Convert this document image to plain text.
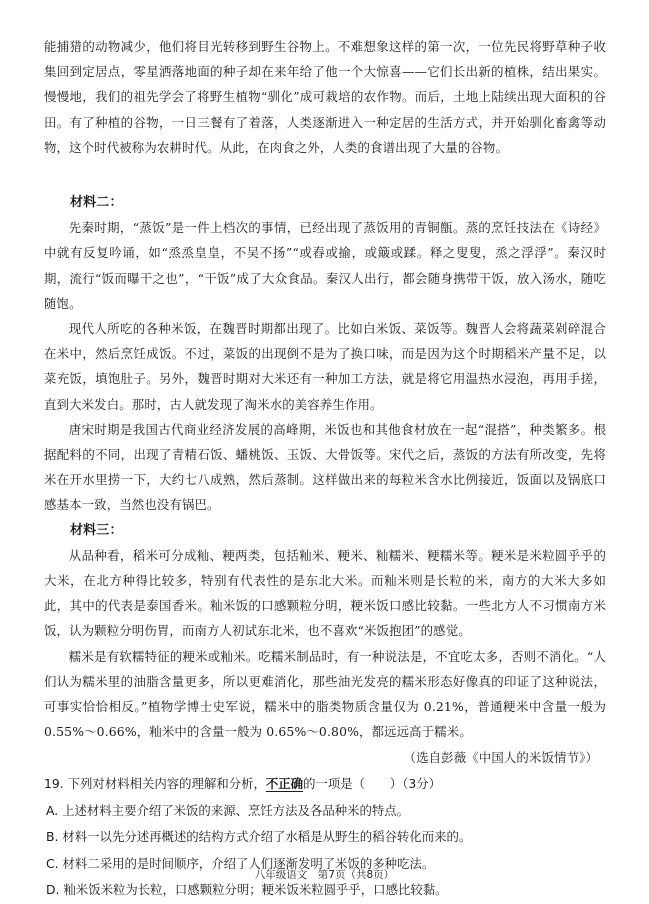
能捕猎的动物减少，他们将目光转移到野生谷物上。不难想象这样的第一次，一位先民将野草种子收集回到定居点，零星洒落地面的种子却在来年给了他一个大惊喜——它们长出新的植株，结出果实。慢慢地，我们的祖先学会了将野生植物“驯化”成可栽培的农作物。而后，土地上陆续出现大面积的谷田。有了种植的谷物，一日三餐有了着落，人类逐渐进入一种定居的生活方式，并开始驯化畜禽等动物，这个时代被称为农耕时代。从此，在肉食之外，人类的食谱出现了大量的谷物。

材料二：

先秦时期，“蒸饭”是一件上档次的事情，已经出现了蒸饭用的青铜甑。蒸的烹饪技法在《诗经》中就有反复吟诵，如“烝烝皇皇，不吴不扬”“或舂或揄，或簸或蹂。释之叟叟，烝之浮浮”。秦汉时期，流行“饭而曝干之也”，“干饭”成了大众食品。秦汉人出行，都会随身携带干饭，放入汤水，随吃随饱。

现代人所吃的各种米饭，在魏晋时期都出现了。比如白米饭、菜饭等。魏晋人会将蔬菜剁碎混合在米中，然后烹饪成饭。不过，菜饭的出现倒不是为了换口味，而是因为这个时期稻米产量不足，以菜充饭，填饱肚子。另外，魏晋时期对大米还有一种加工方法，就是将它用温热水浸泡，再用手搓，直到大米发白。那时，古人就发现了淘米水的美容养生作用。

唐宋时期是我国古代商业经济发展的高峰期，米饭也和其他食材放在一起“混搭”，种类繁多。根据配料的不同，出现了青精石饭、蟠桃饭、玉饭、大骨饭等。宋代之后，蒸饭的方法有所改变，先将米在开水里捞一下，大约七八成熟，然后蒸制。这样做出来的每粒米含水比例接近，饭面以及锅底口感基本一致，当然也没有锅巴。

材料三：

从品种看，稻米可分成籼、粳两类，包括籼米、粳米、籼糯米、粳糯米等。粳米是米粒圆乎乎的大米，在北方种得比较多，特别有代表性的是东北大米。而籼米则是长粒的米，南方的大米大多如此，其中的代表是泰国香米。籼米饭的口感颗粒分明，粳米饭口感比较黏。一些北方人不习惯南方米饭，认为颗粒分明伤胃，而南方人初试东北米，也不喜欢“米饭抱团”的感觉。

糯米是有软糯特征的粳米或籼米。吃糯米制品时，有一种说法是，不宜吃太多，否则不消化。“人们认为糯米里的油脂含量更多，所以更难消化，那些油光发亮的糯米形态好像真的印证了这种说法，可事实恰恰相反。”植物学博士史军说，糯米中的脂类物质含量仅为 0.21%，普通粳米中含量一般为 0.55%～0.66%，籼米中的含量一般为 0.65%～0.80%，都远远高于糯米。

（选自彭薇《中国人的米饭情节》）

19. 下列对材料相关内容的理解和分析，不正确的一项是（　　）（3分）
A. 上述材料主要介绍了米饭的来源、烹饪方法及各品种米的特点。
B. 材料一以先分述再概述的结构方式介绍了水稻是从野生的稻谷转化而来的。
C. 材料二采用的是时间顺序，介绍了人们逐渐发明了米饭的多种吃法。
D. 籼米饭米粒为长粒，口感颗粒分明；粳米饭米粒圆乎乎，口感比较黏。
八年级语文　第7页（共8页）
